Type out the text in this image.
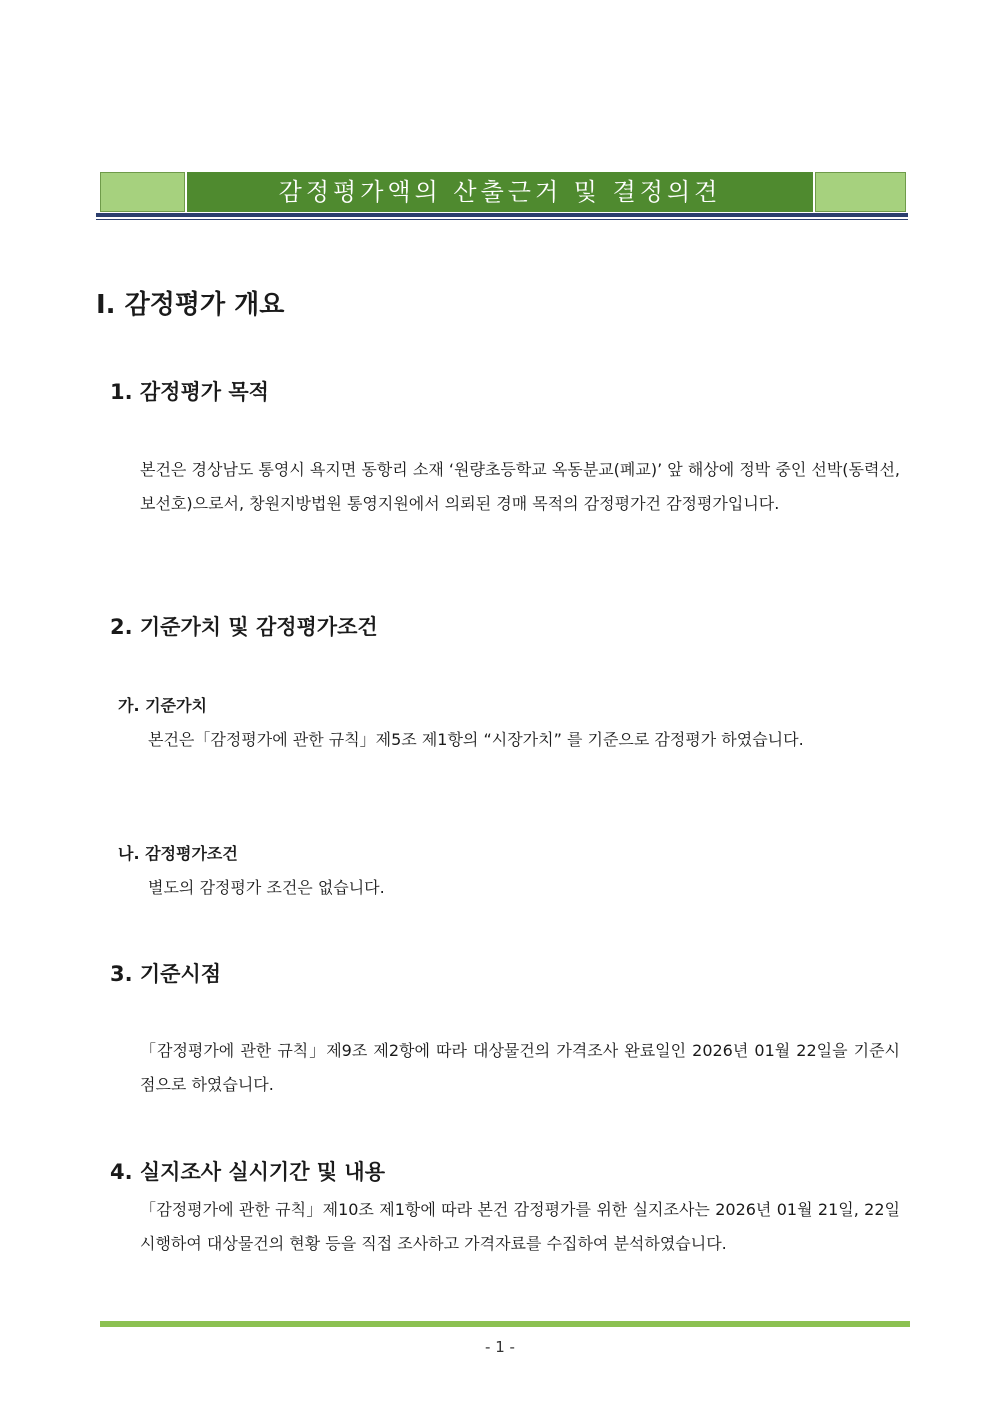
감정평가액의 산출근거 및 결정의견
I. 감정평가 개요
1. 감정평가 목적
본건은 경상남도 통영시 욕지면 동항리 소재 ‘원량초등학교 옥동분교(폐교)’ 앞 해상에 정박 중인 선박(동력선, 보선호)으로서, 창원지방법원 통영지원에서 의뢰된 경매 목적의 감정평가건 감정평가입니다.
2. 기준가치 및 감정평가조건
가. 기준가치
본건은「감정평가에 관한 규칙」제5조 제1항의 “시장가치” 를 기준으로 감정평가 하였습니다.
나. 감정평가조건
별도의 감정평가 조건은 없습니다.
3. 기준시점
「감정평가에 관한 규칙」제9조 제2항에 따라 대상물건의 가격조사 완료일인 2026년 01월 22일을 기준시점으로 하였습니다.
4. 실지조사 실시기간 및 내용
「감정평가에 관한 규칙」제10조 제1항에 따라 본건 감정평가를 위한 실지조사는 2026년 01월 21일, 22일 시행하여 대상물건의 현황 등을 직접 조사하고 가격자료를 수집하여 분석하였습니다.
- 1 -
